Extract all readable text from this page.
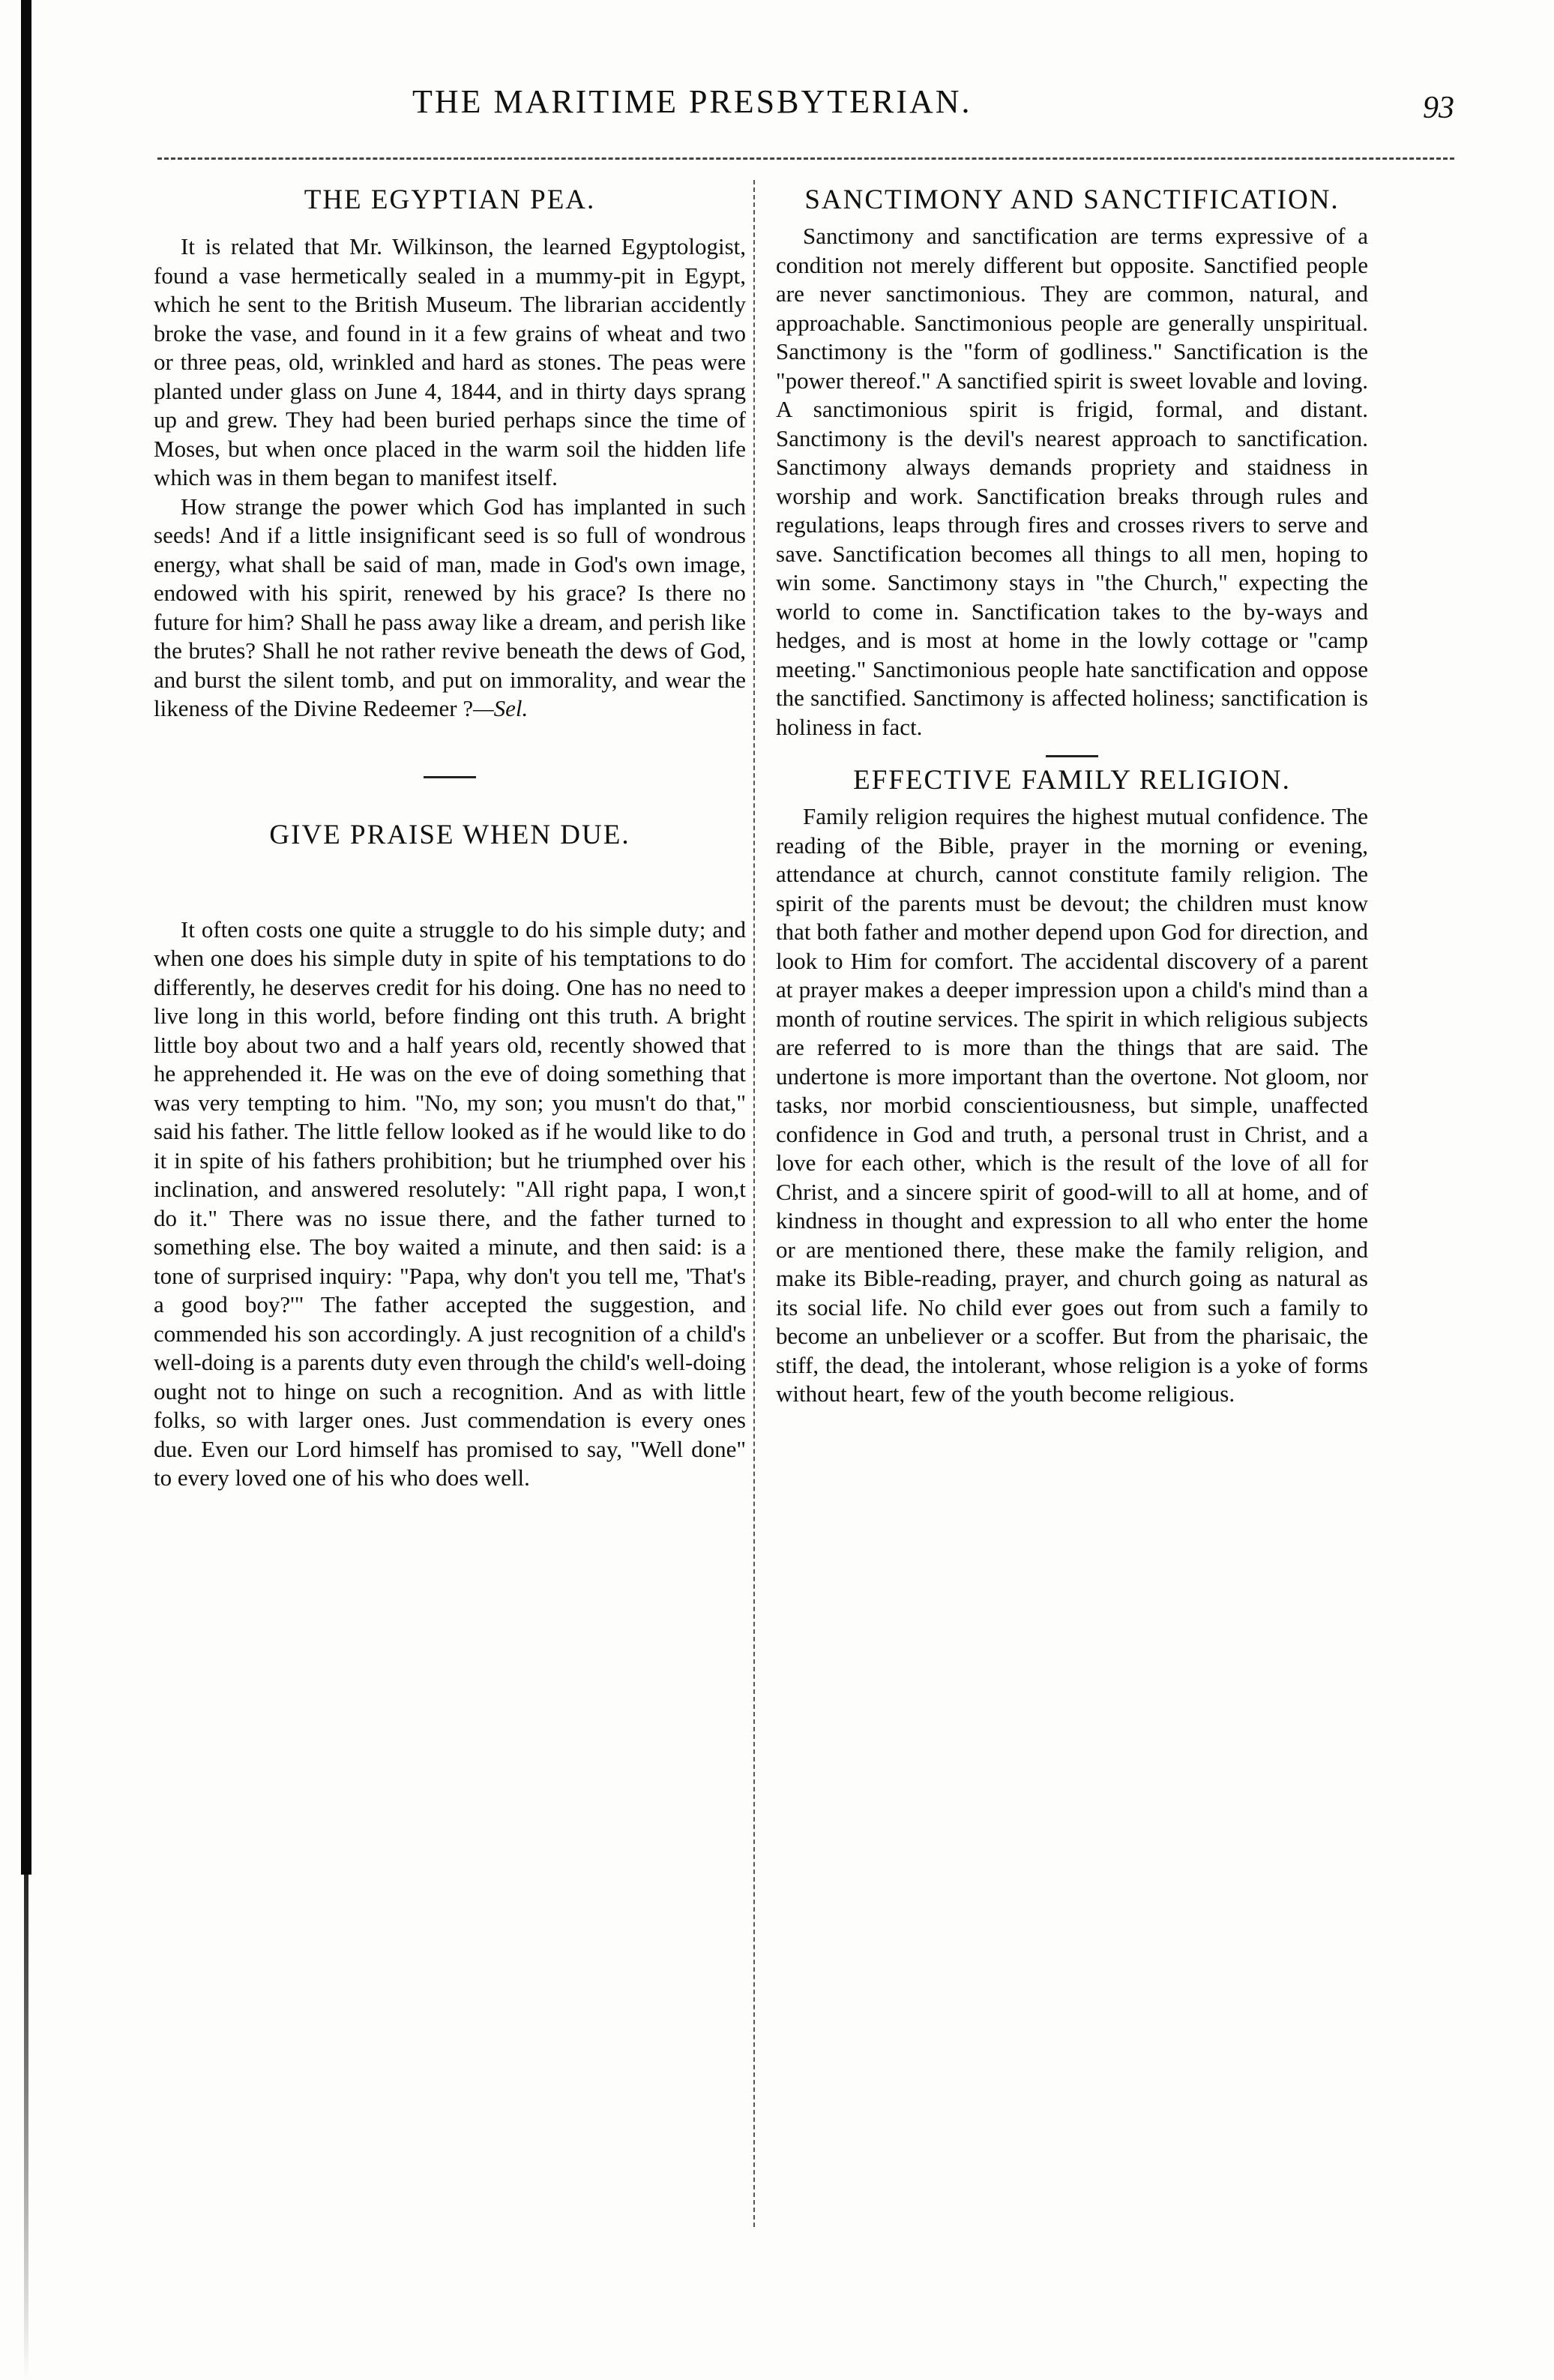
THE MARITIME PRESBYTERIAN.	93
THE EGYPTIAN PEA.

It is related that Mr. Wilkinson, the learned Egyptologist, found a vase hermetically sealed in a mummy-pit in Egypt, which he sent to the British Museum. The librarian accidently broke the vase, and found in it a few grains of wheat and two or three peas, old, wrinkled and hard as stones. The peas were planted under glass on June 4, 1844, and in thirty days sprang up and grew. They had been buried perhaps since the time of Moses, but when once placed in the warm soil the hidden life which was in them began to manifest itself.

How strange the power which God has implanted in such seeds! And if a little insignificant seed is so full of wondrous energy, what shall be said of man, made in God's own image, endowed with his spirit, renewed by his grace? Is there no future for him? Shall he pass away like a dream, and perish like the brutes? Shall he not rather revive beneath the dews of God, and burst the silent tomb, and put on immorality, and wear the likeness of the Divine Redeemer ?—Sel.

GIVE PRAISE WHEN DUE.

It often costs one quite a struggle to do his simple duty; and when one does his simple duty in spite of his temptations to do differently, he deserves credit for his doing. One has no need to live long in this world, before finding ont this truth. A bright little boy about two and a half years old, recently showed that he apprehended it. He was on the eve of doing something that was very tempting to him. "No, my son; you musn't do that," said his father. The little fellow looked as if he would like to do it in spite of his fathers prohibition; but he triumphed over his inclination, and answered resolutely: "All right papa, I won,t do it." There was no issue there, and the father turned to something else. The boy waited a minute, and then said: is a tone of surprised inquiry: "Papa, why don't you tell me, 'That's a good boy?'" The father accepted the suggestion, and commended his son accordingly. A just recognition of a child's well-doing is a parents duty even through the child's well-doing ought not to hinge on such a recognition. And as with little folks, so with larger ones. Just commendation is every ones due. Even our Lord himself has promised to say, "Well done" to every loved one of his who does well.

SANCTIMONY AND SANCTIFICATION.

Sanctimony and sanctification are terms expressive of a condition not merely different but opposite. Sanctified people are never sanctimonious. They are common, natural, and approachable. Sanctimonious people are generally unspiritual. Sanctimony is the "form of godliness." Sanctification is the "power thereof." A sanctified spirit is sweet lovable and loving. A sanctimonious spirit is frigid, formal, and distant. Sanctimony is the devil's nearest approach to sanctification. Sanctimony always demands propriety and staidness in worship and work. Sanctification breaks through rules and regulations, leaps through fires and crosses rivers to serve and save. Sanctification becomes all things to all men, hoping to win some. Sanctimony stays in "the Church," expecting the world to come in. Sanctification takes to the by-ways and hedges, and is most at home in the lowly cottage or "camp meeting." Sanctimonious people hate sanctification and oppose the sanctified. Sanctimony is affected holiness; sanctification is holiness in fact.

EFFECTIVE FAMILY RELIGION.

Family religion requires the highest mutual confidence. The reading of the Bible, prayer in the morning or evening, attendance at church, cannot constitute family religion. The spirit of the parents must be devout; the children must know that both father and mother depend upon God for direction, and look to Him for comfort. The accidental discovery of a parent at prayer makes a deeper impression upon a child's mind than a month of routine services. The spirit in which religious subjects are referred to is more than the things that are said. The undertone is more important than the overtone. Not gloom, nor tasks, nor morbid conscientiousness, but simple, unaffected confidence in God and truth, a personal trust in Christ, and a love for each other, which is the result of the love of all for Christ, and a sincere spirit of good-will to all at home, and of kindness in thought and expression to all who enter the home or are mentioned there, these make the family religion, and make its Bible-reading, prayer, and church going as natural as its social life. No child ever goes out from such a family to become an unbeliever or a scoffer. But from the pharisaic, the stiff, the dead, the intolerant, whose religion is a yoke of forms without heart, few of the youth become religious.
